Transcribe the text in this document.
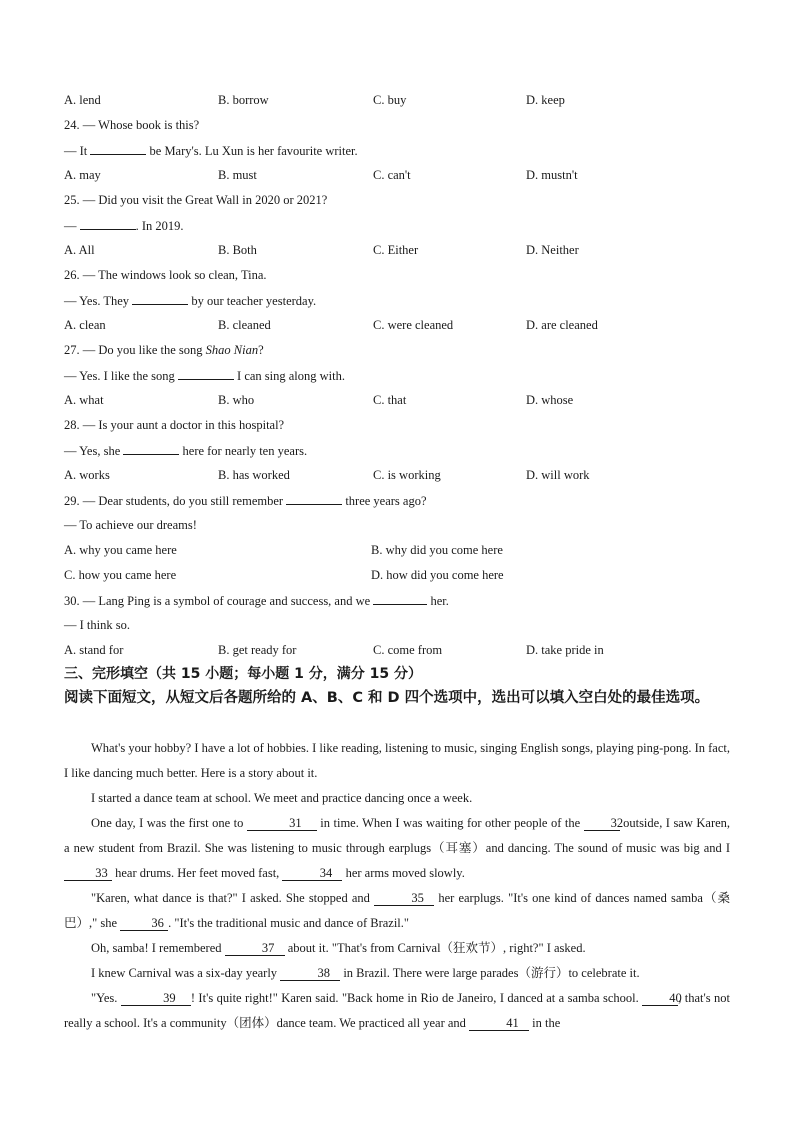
A. lend	B. borrow	C. buy	D. keep
24. — Whose book is this?
— It	be Mary's. Lu Xun is her favourite writer.
A. may	B. must	C. can't	D. mustn't
25. — Did you visit the Great Wall in 2020 or 2021?
—	. In 2019.
A. All	B. Both	C. Either	D. Neither
26. — The windows look so clean, Tina.
— Yes. They	by our teacher yesterday.
A. clean	B. cleaned	C. were cleaned	D. are cleaned
27. — Do you like the song Shao Nian?
— Yes. I like the song	I can sing along with.
A. what	B. who	C. that	D. whose
28. — Is your aunt a doctor in this hospital?
— Yes, she	here for nearly ten years.
A. works	B. has worked	C. is working	D. will work
29. — Dear students, do you still remember	three years ago?
— To achieve our dreams!
A. why you came here	B. why did you come here
C. how you came here	D. how did you come here
30. — Lang Ping is a symbol of courage and success, and we	her.
— I think so.
A. stand for	B. get ready for	C. come from	D. take pride in
三、完形填空（共 15 小题；每小题 1 分，满分 15 分）
阅读下面短文，从短文后各题所给的 A、B、C 和 D 四个选项中，选出可以填入空白处的最佳选项。

What's your hobby? I have a lot of hobbies. I like reading, listening to music, singing English songs, playing ping-pong. In fact, I like dancing much better. Here is a story about it.

I started a dance team at school. We meet and practice dancing once a week.

One day, I was the first one to	31 in time. When I was waiting for other people of the 32 outside, I saw Karen, a new student from Brazil. She was listening to music through earplugs（耳塞）and dancing. The sound of music was big and I 33 hear drums. Her feet moved fast,	34 her arms moved slowly.

"Karen, what dance is that?" I asked. She stopped and	35 her earplugs. "It's one kind of dances named samba（桑巴）," she	36 . "It's the traditional music and dance of Brazil."

Oh, samba! I remembered	37 about it. "That's from Carnival（狂欢节）, right?" I asked.

I knew Carnival was a six-day yearly	38 in Brazil. There were large parades（游行）to celebrate it.

"Yes.	39 ! It's quite right!" Karen said. "Back home in Rio de Janeiro, I danced at a samba school. 40, that's not really a school. It's a community（团体）dance team. We practiced all year and	41 in the
